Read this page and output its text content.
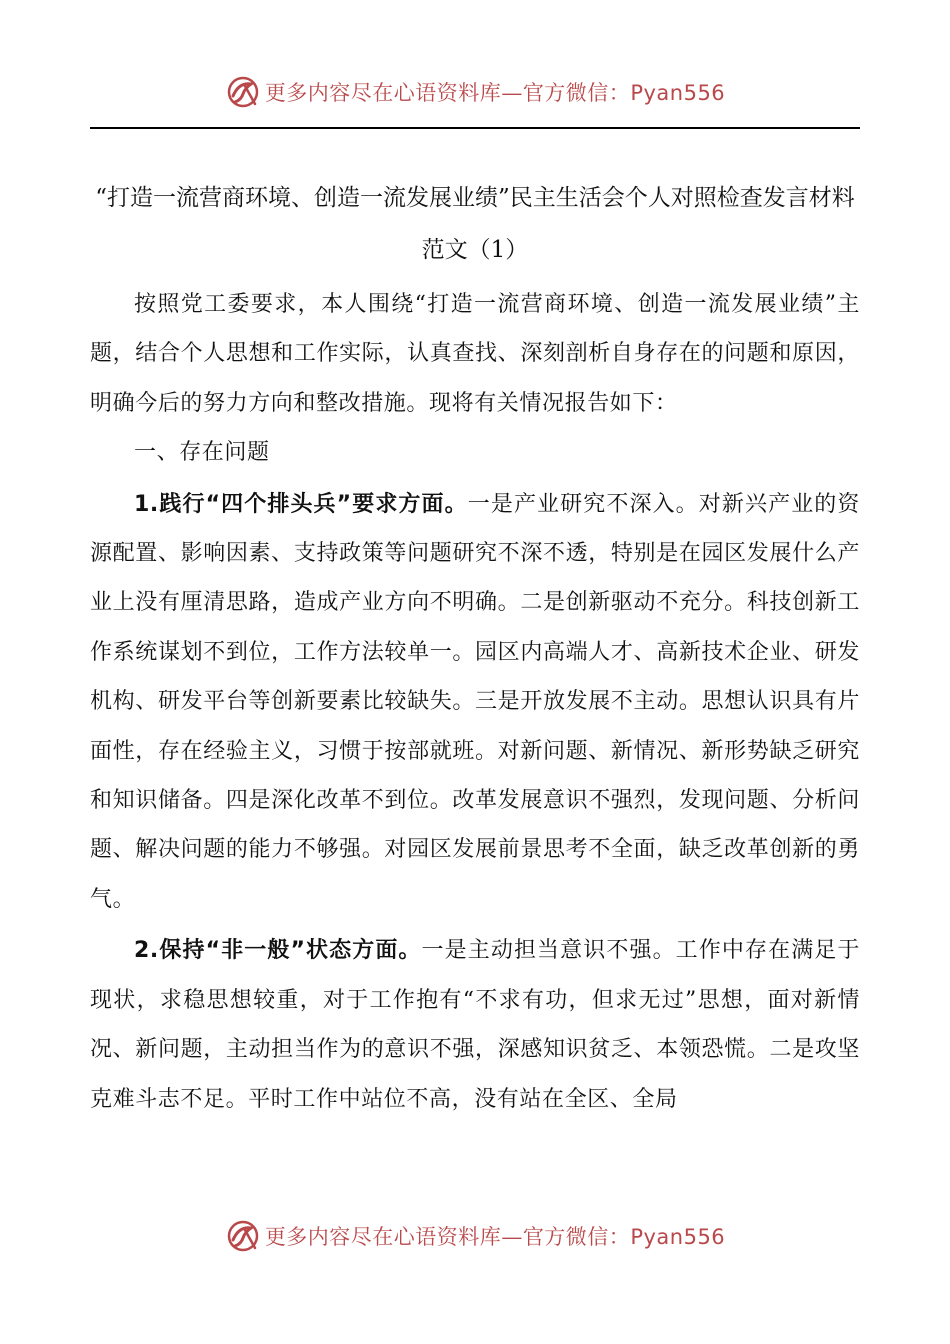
更多内容尽在心语资料库—官方微信：Pyan556
“打造一流营商环境、创造一流发展业绩”民主生活会个人对照检查发言材料范文（1）

按照党工委要求，本人围绕“打造一流营商环境、创造一流发展业绩”主题，结合个人思想和工作实际，认真查找、深刻剖析自身存在的问题和原因，明确今后的努力方向和整改措施。现将有关情况报告如下：

一、存在问题

1.践行“四个排头兵”要求方面。一是产业研究不深入。对新兴产业的资源配置、影响因素、支持政策等问题研究不深不透，特别是在园区发展什么产业上没有厘清思路，造成产业方向不明确。二是创新驱动不充分。科技创新工作系统谋划不到位，工作方法较单一。园区内高端人才、高新技术企业、研发机构、研发平台等创新要素比较缺失。三是开放发展不主动。思想认识具有片面性，存在经验主义，习惯于按部就班。对新问题、新情况、新形势缺乏研究和知识储备。四是深化改革不到位。改革发展意识不强烈，发现问题、分析问题、解决问题的能力不够强。对园区发展前景思考不全面，缺乏改革创新的勇气。

2.保持“非一般”状态方面。一是主动担当意识不强。工作中存在满足于现状，求稳思想较重，对于工作抱有“不求有功，但求无过”思想，面对新情况、新问题，主动担当作为的意识不强，深感知识贫乏、本领恐慌。二是攻坚克难斗志不足。平时工作中站位不高，没有站在全区、全局

更多内容尽在心语资料库—官方微信：Pyan556
